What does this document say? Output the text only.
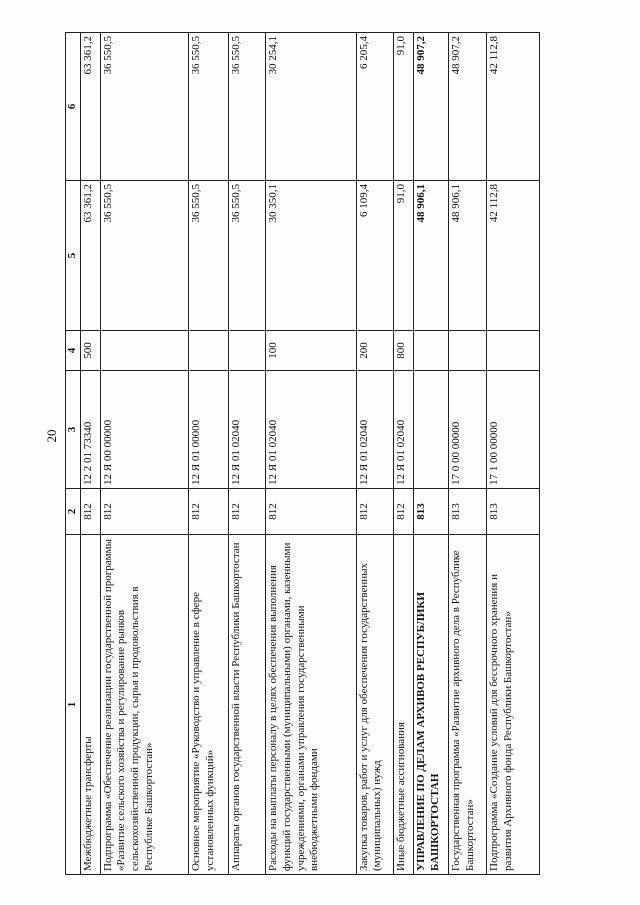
20
1	2	3	4	5	6
Межбюджетные трансферты	812	12 2 01 73340	500	63 361,2	63 361,2
Подпрограмма «Обеспечение реализации государственной программы «Развитие сельского хозяйства и регулирование рынков сельскохозяйственной продукции, сырья и продовольствия в Республике Башкортостан»	812	12 Я 00 00000		36 550,5	36 550,5
Основное мероприятие «Руководство и управление в сфере установленных функций»	812	12 Я 01 00000		36 550,5	36 550,5
Аппараты органов государственной власти Республики Башкортостан	812	12 Я 01 02040		36 550,5	36 550,5
Расходы на выплаты персоналу в целях обеспечения выполнения функций государственными (муниципальными) органами, казенными учреждениями, органами управления государственными внебюджетными фондами	812	12 Я 01 02040	100	30 350,1	30 254,1
Закупка товаров, работ и услуг для обеспечения государственных (муниципальных) нужд	812	12 Я 01 02040	200	6 109,4	6 205,4
Иные бюджетные ассигнования	812	12 Я 01 02040	800	91,0	91,0
УПРАВЛЕНИЕ ПО ДЕЛАМ АРХИВОВ РЕСПУБЛИКИ БАШКОРТОСТАН	813			48 906,1	48 907,2
Государственная программа «Развитие архивного дела в Республике Башкортостан»	813	17 0 00 00000		48 906,1	48 907,2
Подпрограмма «Создание условий для бессрочного хранения и развития Архивного фонда Республики Башкортостан»	813	17 1 00 00000		42 112,8	42 112,8
